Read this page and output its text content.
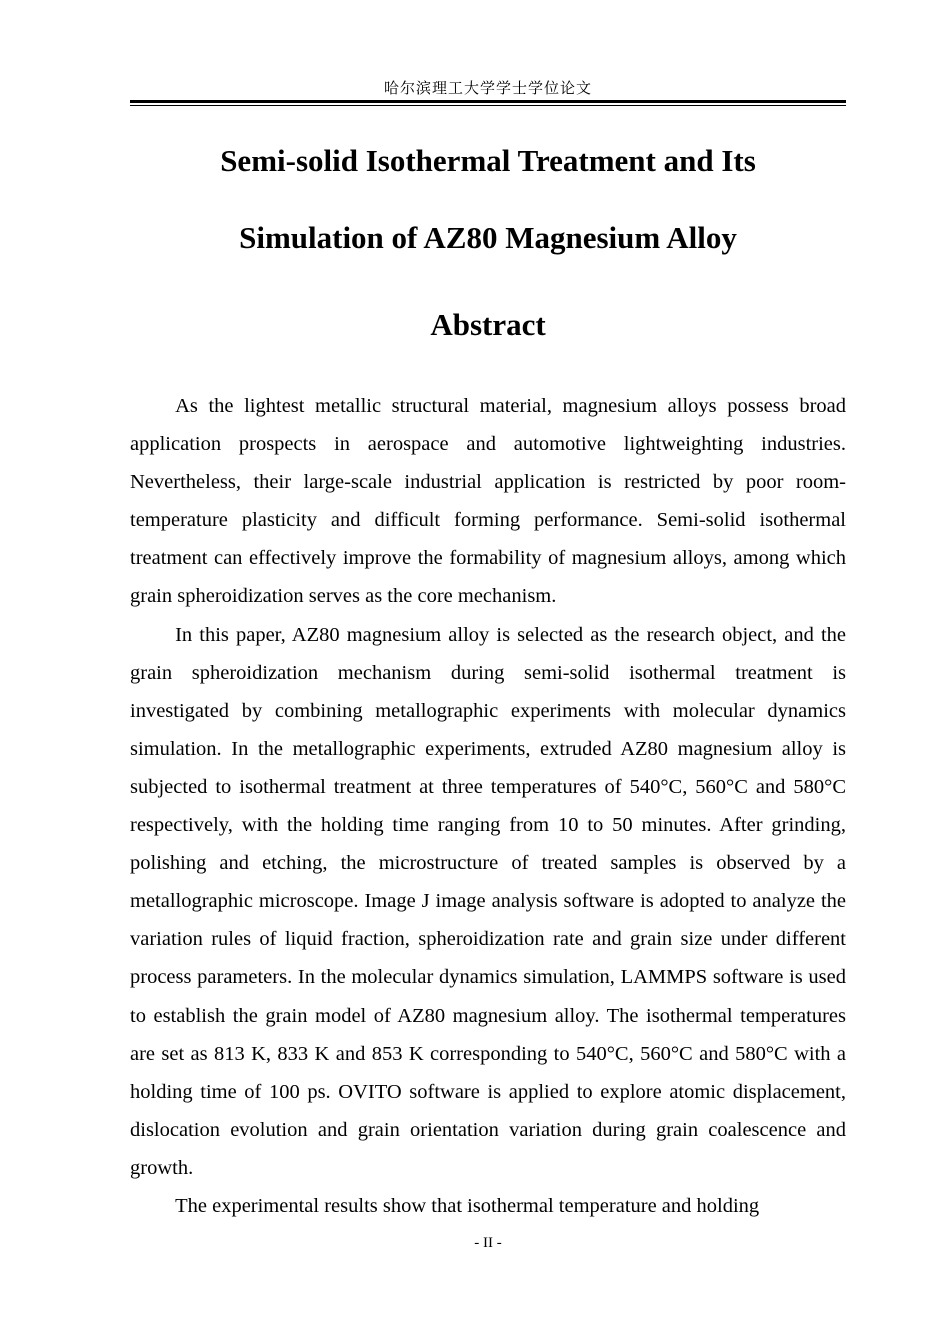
哈尔滨理工大学学士学位论文
Semi-solid Isothermal Treatment and Its
Simulation of AZ80 Magnesium Alloy
Abstract

As the lightest metallic structural material, magnesium alloys possess broad application prospects in aerospace and automotive lightweighting industries. Nevertheless, their large-scale industrial application is restricted by poor room-temperature plasticity and difficult forming performance. Semi-solid isothermal treatment can effectively improve the formability of magnesium alloys, among which grain spheroidization serves as the core mechanism.

In this paper, AZ80 magnesium alloy is selected as the research object, and the grain spheroidization mechanism during semi-solid isothermal treatment is investigated by combining metallographic experiments with molecular dynamics simulation. In the metallographic experiments, extruded AZ80 magnesium alloy is subjected to isothermal treatment at three temperatures of 540°C, 560°C and 580°C respectively, with the holding time ranging from 10 to 50 minutes. After grinding, polishing and etching, the microstructure of treated samples is observed by a metallographic microscope. Image J image analysis software is adopted to analyze the variation rules of liquid fraction, spheroidization rate and grain size under different process parameters. In the molecular dynamics simulation, LAMMPS software is used to establish the grain model of AZ80 magnesium alloy. The isothermal temperatures are set as 813 K, 833 K and 853 K corresponding to 540°C, 560°C and 580°C with a holding time of 100 ps. OVITO software is applied to explore atomic displacement, dislocation evolution and grain orientation variation during grain coalescence and growth.

The experimental results show that isothermal temperature and holding

- II -
